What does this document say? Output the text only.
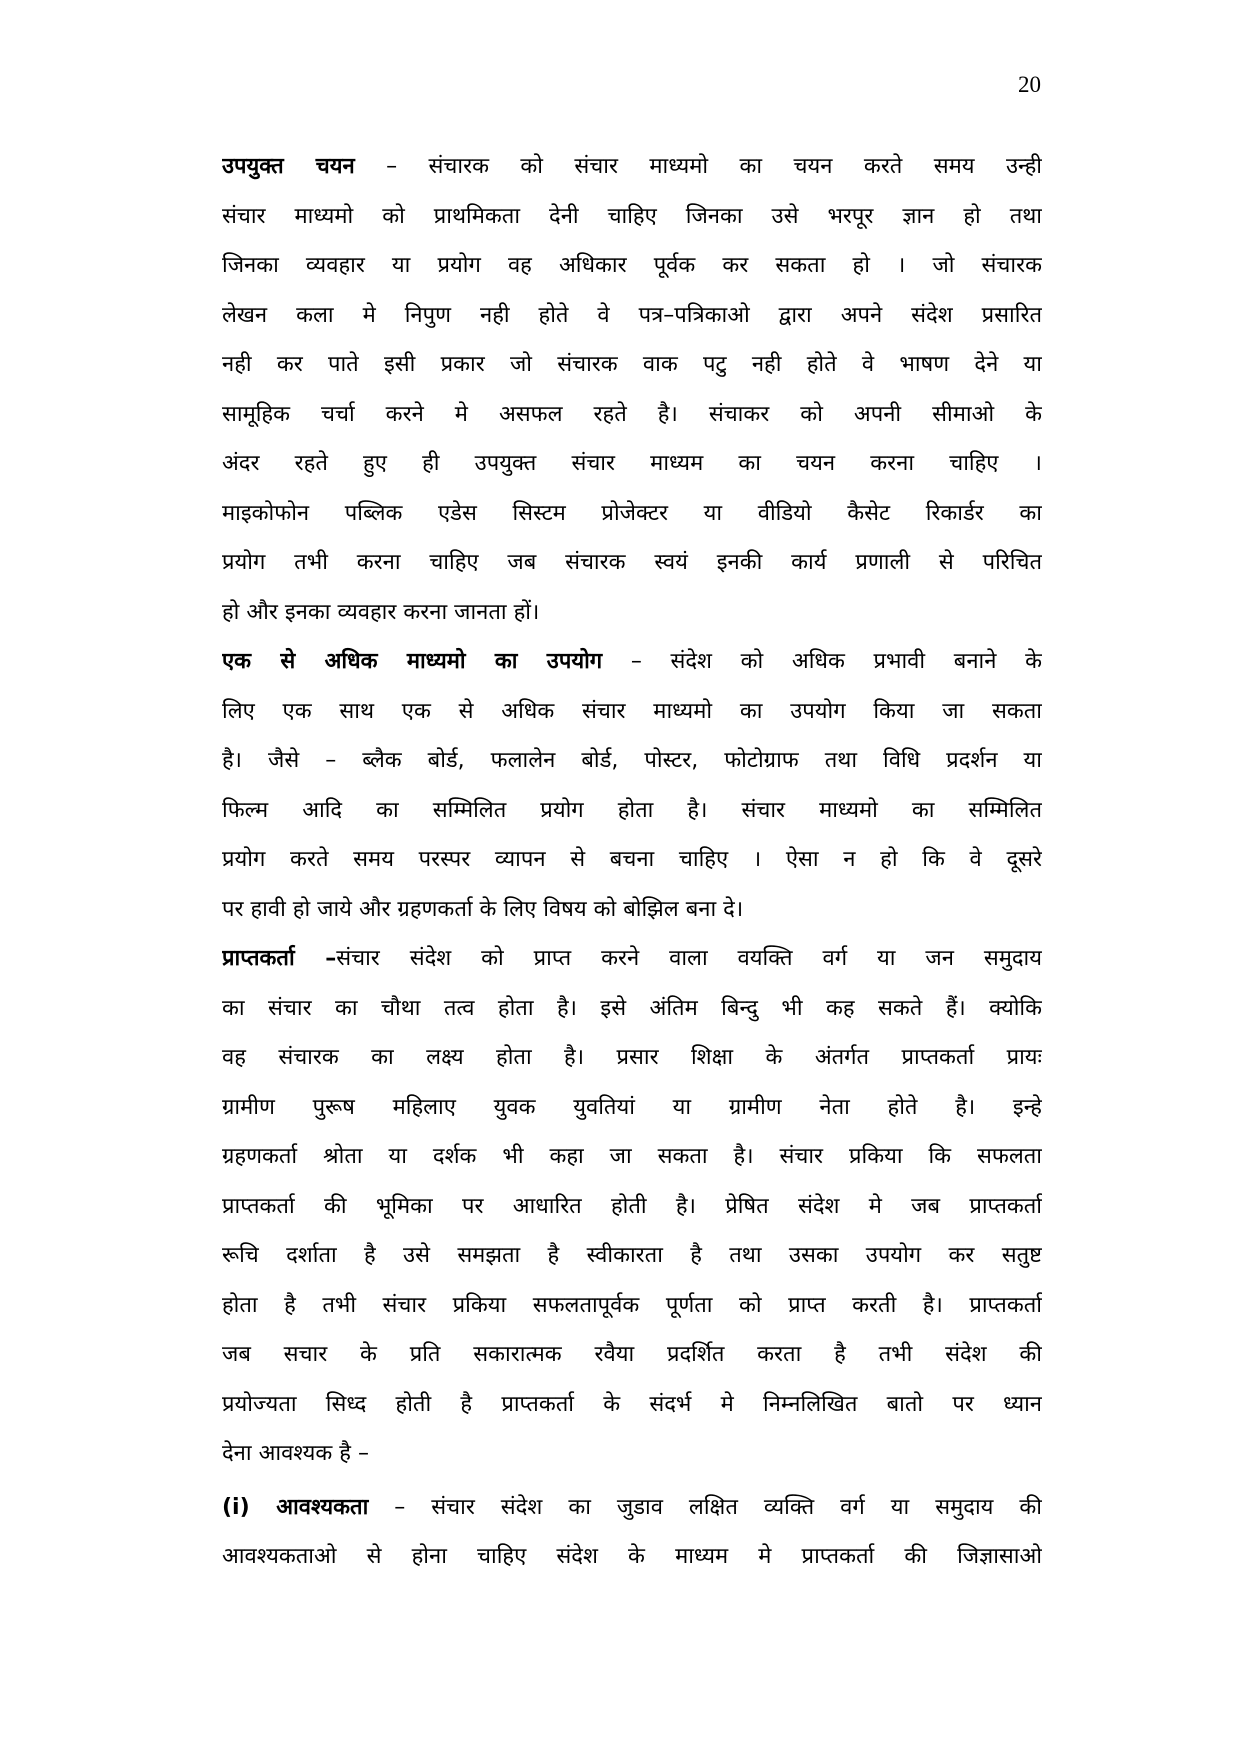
20
उपयुक्त चयन – संचारक को संचार माध्यमो का चयन करते समय उन्ही
संचार माध्यमो को प्राथमिकता देनी चाहिए जिनका उसे भरपूर ज्ञान हो तथा
जिनका व्यवहार या प्रयोग वह अधिकार पूर्वक कर सकता हो । जो संचारक
लेखन कला मे निपुण नही होते वे पत्र–पत्रिकाओ द्वारा अपने संदेश प्रसारित
नही कर पाते इसी प्रकार जो संचारक वाक पटु नही होते वे भाषण देने या
सामूहिक चर्चा करने मे असफल रहते है। संचाकर को अपनी सीमाओ के
अंदर रहते हुए ही उपयुक्त संचार माध्यम का चयन करना चाहिए ।
माइकोफोन पब्लिक एडेस सिस्टम प्रोजेक्टर या वीडियो कैसेट रिकार्डर का
प्रयोग तभी करना चाहिए जब संचारक स्वयं इनकी कार्य प्रणाली से परिचित
हो और इनका व्यवहार करना जानता हों।
एक से अधिक माध्यमो का उपयोग – संदेश को अधिक प्रभावी बनाने के
लिए एक साथ एक से अधिक संचार माध्यमो का उपयोग किया जा सकता
है। जैसे – ब्लैक बोर्ड, फलालेन बोर्ड, पोस्टर, फोटोग्राफ तथा विधि प्रदर्शन या
फिल्म आदि का सम्मिलित प्रयोग होता है। संचार माध्यमो का सम्मिलित
प्रयोग करते समय परस्पर व्यापन से बचना चाहिए । ऐसा न हो कि वे दूसरे
पर हावी हो जाये और ग्रहणकर्ता के लिए विषय को बोझिल बना दे।
प्राप्तकर्ता –संचार संदेश को प्राप्त करने वाला वयक्ति वर्ग या जन समुदाय
का संचार का चौथा तत्व होता है। इसे अंतिम बिन्दु भी कह सकते हैं। क्योकि
वह संचारक का लक्ष्य होता है। प्रसार शिक्षा के अंतर्गत प्राप्तकर्ता प्रायः
ग्रामीण पुरूष महिलाए युवक युवतियां या ग्रामीण नेता होते है। इन्हे
ग्रहणकर्ता श्रोता या दर्शक भी कहा जा सकता है। संचार प्रकिया कि सफलता
प्राप्तकर्ता की भूमिका पर आधारित होती है। प्रेषित संदेश मे जब प्राप्तकर्ता
रूचि दर्शाता है उसे समझता है स्वीकारता है तथा उसका उपयोग कर सतुष्ट
होता है तभी संचार प्रकिया सफलतापूर्वक पूर्णता को प्राप्त करती है। प्राप्तकर्ता
जब सचार के प्रति सकारात्मक रवैया प्रदर्शित करता है तभी संदेश की
प्रयोज्यता सिध्द होती है प्राप्तकर्ता के संदर्भ मे निम्नलिखित बातो पर ध्यान
देना आवश्यक है –
(i) आवश्यकता – संचार संदेश का जुडाव लक्षित व्यक्ति वर्ग या समुदाय की
आवश्यकताओ से होना चाहिए संदेश के माध्यम मे प्राप्तकर्ता की जिज्ञासाओ
